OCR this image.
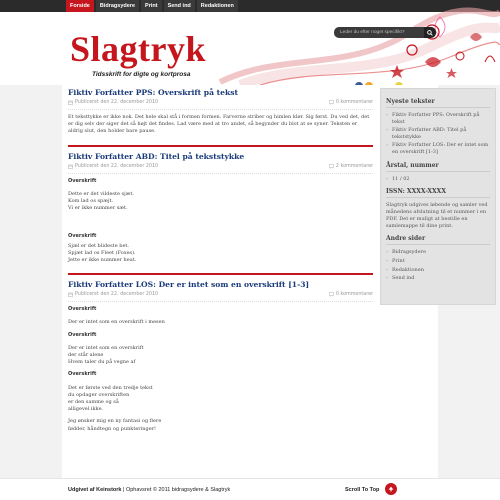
Forside	Bidragsydere	Print	Send ind	Redaktionen
Slagtryk
Tidsskrift for digte og kortprosa
Leder du efter noget specifikt?
Fiktiv Forfatter PPS: Overskrift på tekst
Publiceret den 22. december 2010	0 kommentarer
Et teksttykke er ikke nok. Det hele skal stå i formen formen. Farverne striber og himlen klør. Sig først. Du ved det, det er dig selv der siger det så højt det findes. Lad være med at tro andet, så begynder du blot at se syner. Teksten er aldrig slut, den holder bare pause.
Fiktiv Forfatter ABD: Titel på tekststykke
Publiceret den 22. december 2010	2 kommentarer
Overskrift
Dette er det vildeste sjæt.
Kom lad os spæjt.
Vi er ikke nummer sæt.
Overskrift
Sjæl er det blideste bet.
Spjæt lad os Fleet (Foxes).
Jette er ikke nummer heat.
Fiktiv Forfatter LOS: Der er intet som en overskrift [1-3]
Publiceret den 22. december 2010	0 kommentarer
Overskrift
Der er intet som en overskrift i mesen
Overskrift
Der er intet som en overskrift
der står alene
Hvem taler du på vegne af
Overskrift
Det er første ved den tredje tekst
du opdager overskriften
er den samme og så
alligevel ikke.
Jeg ønsker mig en ny fantasi og flere
fødder, håndtegn og punkteringer!
Nyeste tekster
› Fiktiv Forfatter PPS: Overskrift på tekst
› Fiktiv Forfatter ABD: Titel på tekststykke
› Fiktiv Forfatter LOS: Der er intet som en overskrift [1-3]
Årstal, nummer
› 11 / 02
ISSN: XXXX-XXXX
Slagtryk udgives løbende og samler ved månedens afslutning til et nummer i en PDF. Det er muligt at bestille en samlemappe til dine print.
Andre sider
› Bidragsydere
› Print
› Redaktionen
› Send ind
Udgivet af Keinstork | Ophavsret © 2011 bidragsydere & Slagtryk	Scroll To Top
